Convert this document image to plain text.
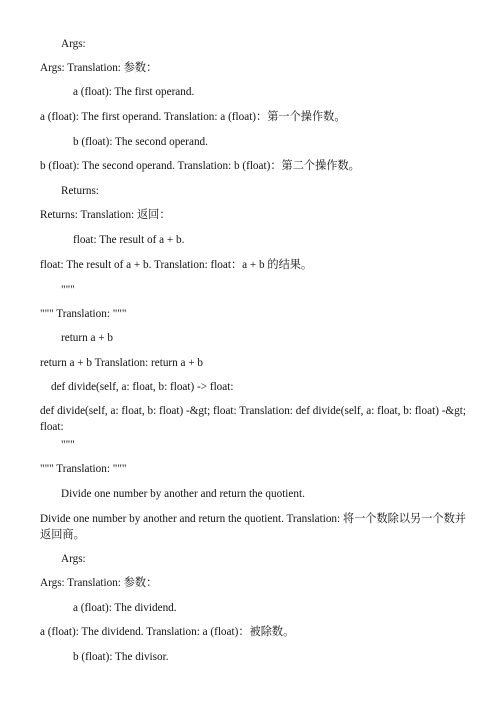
Args:
Args: Translation: 参数：
a (float): The first operand.
a (float): The first operand. Translation: a (float)：第一个操作数。
b (float): The second operand.
b (float): The second operand. Translation: b (float)：第二个操作数。
Returns:
Returns: Translation: 返回：
float: The result of a + b.
float: The result of a + b. Translation: float：a + b 的结果。
"""
""" Translation: """
return a + b
return a + b Translation: return a + b
def divide(self, a: float, b: float) -> float:
def divide(self, a: float, b: float) -&gt; float: Translation: def divide(self, a: float, b: float) -&gt; float:
"""
""" Translation: """
Divide one number by another and return the quotient.
Divide one number by another and return the quotient. Translation: 将一个数除以另一个数并返回商。
Args:
Args: Translation: 参数：
a (float): The dividend.
a (float): The dividend. Translation: a (float)：被除数。
b (float): The divisor.
